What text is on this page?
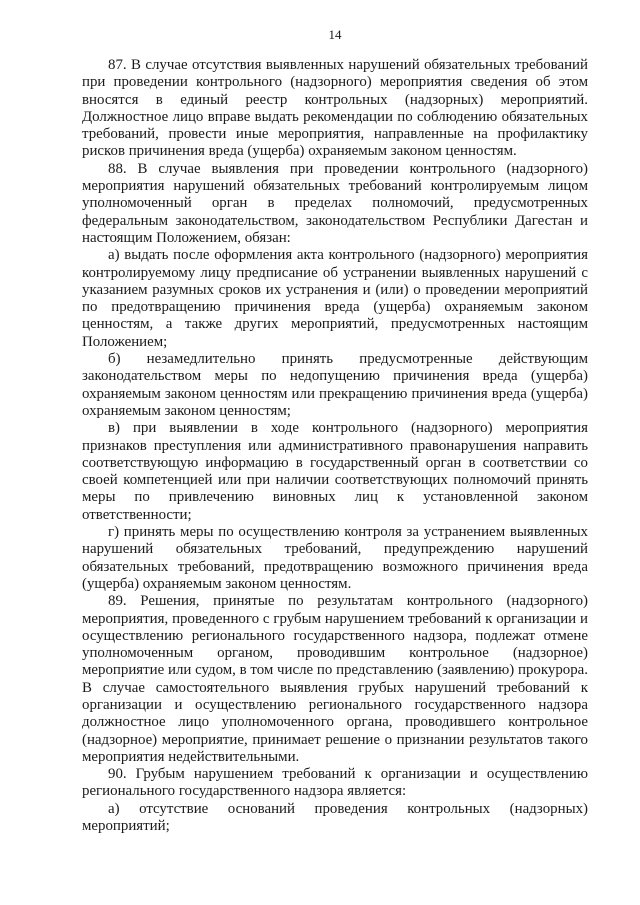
14

87. В случае отсутствия выявленных нарушений обязательных требований при проведении контрольного (надзорного) мероприятия сведения об этом вносятся в единый реестр контрольных (надзорных) мероприятий. Должностное лицо вправе выдать рекомендации по соблюдению обязательных требований, провести иные мероприятия, направленные на профилактику рисков причинения вреда (ущерба) охраняемым законом ценностям.

88. В случае выявления при проведении контрольного (надзорного) мероприятия нарушений обязательных требований контролируемым лицом уполномоченный орган в пределах полномочий, предусмотренных федеральным законодательством, законодательством Республики Дагестан и настоящим Положением, обязан:

а) выдать после оформления акта контрольного (надзорного) мероприятия контролируемому лицу предписание об устранении выявленных нарушений с указанием разумных сроков их устранения и (или) о проведении мероприятий по предотвращению причинения вреда (ущерба) охраняемым законом ценностям, а также других мероприятий, предусмотренных настоящим Положением;

б) незамедлительно принять предусмотренные действующим законодательством меры по недопущению причинения вреда (ущерба) охраняемым законом ценностям или прекращению причинения вреда (ущерба) охраняемым законом ценностям;

в) при выявлении в ходе контрольного (надзорного) мероприятия признаков преступления или административного правонарушения направить соответствующую информацию в государственный орган в соответствии со своей компетенцией или при наличии соответствующих полномочий принять меры по привлечению виновных лиц к установленной законом ответственности;

г) принять меры по осуществлению контроля за устранением выявленных нарушений обязательных требований, предупреждению нарушений обязательных требований, предотвращению возможного причинения вреда (ущерба) охраняемым законом ценностям.

89. Решения, принятые по результатам контрольного (надзорного) мероприятия, проведенного с грубым нарушением требований к организации и осуществлению регионального государственного надзора, подлежат отмене уполномоченным органом, проводившим контрольное (надзорное) мероприятие или судом, в том числе по представлению (заявлению) прокурора. В случае самостоятельного выявления грубых нарушений требований к организации и осуществлению регионального государственного надзора должностное лицо уполномоченного органа, проводившего контрольное (надзорное) мероприятие, принимает решение о признании результатов такого мероприятия недействительными.

90. Грубым нарушением требований к организации и осуществлению регионального государственного надзора является:

а) отсутствие оснований проведения контрольных (надзорных) мероприятий;
